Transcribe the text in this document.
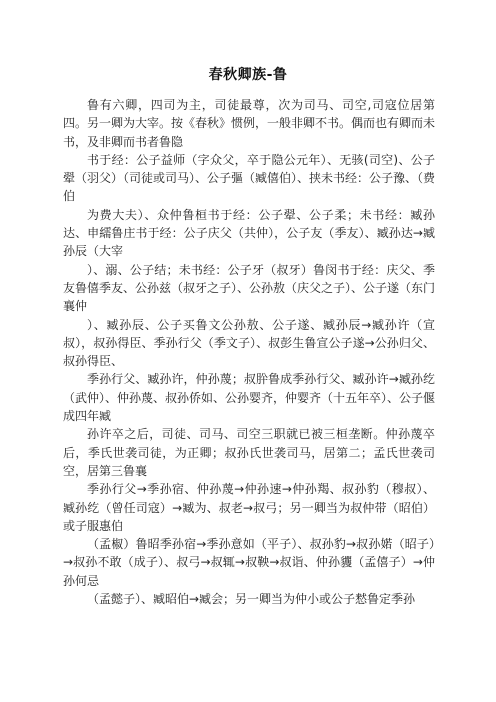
春秋卿族-鲁

鲁有六卿，四司为主，司徒最尊，次为司马、司空,司寇位居第四。另一卿为大宰。按《春秋》惯例，一般非卿不书。偶而也有卿而未书，及非卿而书者鲁隐

书于经：公子益师（字众父，卒于隐公元年）、无骇(司空)、公子翚（羽父）（司徒或司马）、公子彄（臧僖伯）、挟未书经：公子豫、（费伯

为费大夫）、众仲鲁桓书于经：公子翚、公子柔；未书经：臧孙达、申繻鲁庄书于经：公子庆父（共仲），公子友（季友）、臧孙达→臧孙辰（大宰

）、溺、公子结；未书经：公子牙（叔牙）鲁闵书于经：庆父、季友鲁僖季友、公孙兹（叔牙之子）、公孙敖（庆父之子）、公子遂（东门襄仲

）、臧孙辰、公子买鲁文公孙敖、公子遂、臧孙辰→臧孙许（宣叔），叔孙得臣、季孙行父（季文子）、叔彭生鲁宣公子遂→公孙归父、叔孙得臣、

季孙行父、臧孙许，仲孙蔑；叔肸鲁成季孙行父、臧孙许→臧孙纥（武仲）、仲孙蔑、叔孙侨如、公孙婴齐，仲婴齐（十五年卒）、公子偃成四年臧

孙许卒之后，司徒、司马、司空三职就已被三桓垄断。仲孙蔑卒后，季氏世袭司徒，为正卿；叔孙氏世袭司马，居第二；孟氏世袭司空，居第三鲁襄

季孙行父→季孙宿、仲孙蔑→仲孙速→仲孙羯、叔孙豹（穆叔）、臧孙纥（曾任司寇）→臧为、叔老→叔弓；另一卿当为叔仲带（昭伯）或子服惠伯

（孟椒）鲁昭季孙宿→季孙意如（平子）、叔孙豹→叔孙婼（昭子）→叔孙不敢（成子）、叔弓→叔辄→叔鞅→叔诣、仲孙貜（孟僖子）→仲孙何忌

（孟懿子）、臧昭伯→臧会；另一卿当为仲小或公子慭鲁定季孙
